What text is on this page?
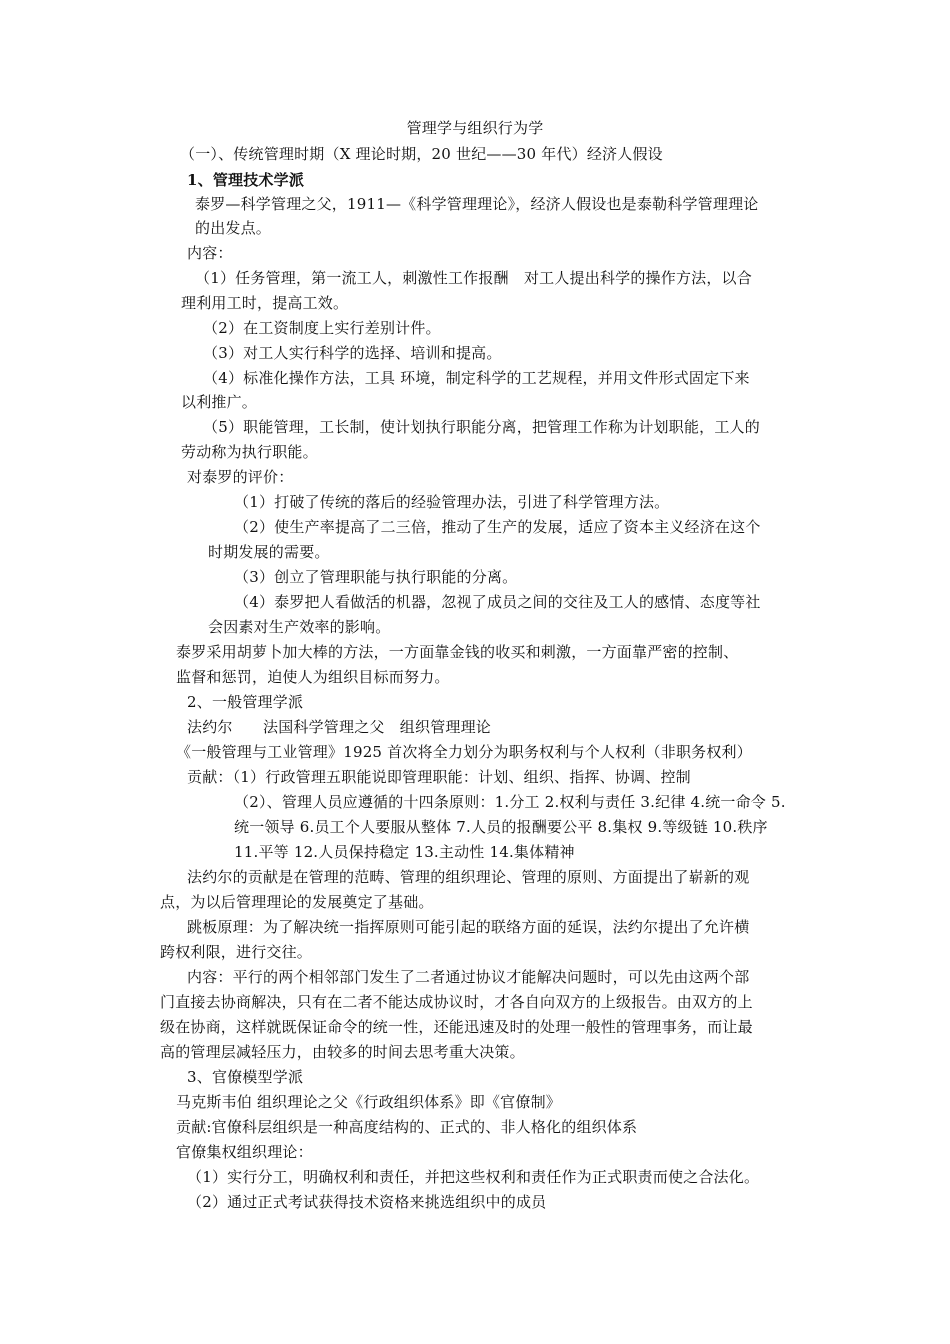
管理学与组织行为学
（一）、传统管理时期（X 理论时期，20 世纪——30 年代）经济人假设
1、管理技术学派
泰罗—科学管理之父，1911—《科学管理理论》，经济人假设也是泰勒科学管理理论
的出发点。
内容：
（1）任务管理，第一流工人，刺激性工作报酬　对工人提出科学的操作方法，以合
理利用工时，提高工效。
（2）在工资制度上实行差别计件。
（3）对工人实行科学的选择、培训和提高。
（4）标准化操作方法，工具 环境，制定科学的工艺规程，并用文件形式固定下来
以利推广。
（5）职能管理，工长制，使计划执行职能分离，把管理工作称为计划职能，工人的
劳动称为执行职能。
对泰罗的评价：
（1）打破了传统的落后的经验管理办法，引进了科学管理方法。
（2）使生产率提高了二三倍，推动了生产的发展，适应了资本主义经济在这个
时期发展的需要。
（3）创立了管理职能与执行职能的分离。
（4）泰罗把人看做活的机器，忽视了成员之间的交往及工人的感情、态度等社
会因素对生产效率的影响。
泰罗采用胡萝卜加大棒的方法，一方面靠金钱的收买和刺激，一方面靠严密的控制、
监督和惩罚，迫使人为组织目标而努力。
2、一般管理学派
法约尔　　法国科学管理之父　组织管理理论
《一般管理与工业管理》1925 首次将全力划分为职务权利与个人权利（非职务权利）
贡献：（1）行政管理五职能说即管理职能：计划、组织、指挥、协调、控制
（2）、管理人员应遵循的十四条原则：1.分工 2.权利与责任 3.纪律 4.统一命令 5.
统一领导 6.员工个人要服从整体 7.人员的报酬要公平 8.集权 9.等级链 10.秩序
11.平等 12.人员保持稳定 13.主动性 14.集体精神
法约尔的贡献是在管理的范畴、管理的组织理论、管理的原则、方面提出了崭新的观
点，为以后管理理论的发展奠定了基础。
跳板原理：为了解决统一指挥原则可能引起的联络方面的延误，法约尔提出了允许横
跨权利限，进行交往。
内容：平行的两个相邻部门发生了二者通过协议才能解决问题时，可以先由这两个部
门直接去协商解决，只有在二者不能达成协议时，才各自向双方的上级报告。由双方的上
级在协商，这样就既保证命令的统一性，还能迅速及时的处理一般性的管理事务，而让最
高的管理层减轻压力，由较多的时间去思考重大决策。
3、官僚模型学派
马克斯韦伯 组织理论之父《行政组织体系》即《官僚制》
贡献:官僚科层组织是一种高度结构的、正式的、非人格化的组织体系
官僚集权组织理论：
（1）实行分工，明确权利和责任，并把这些权利和责任作为正式职责而使之合法化。
（2）通过正式考试获得技术资格来挑选组织中的成员
